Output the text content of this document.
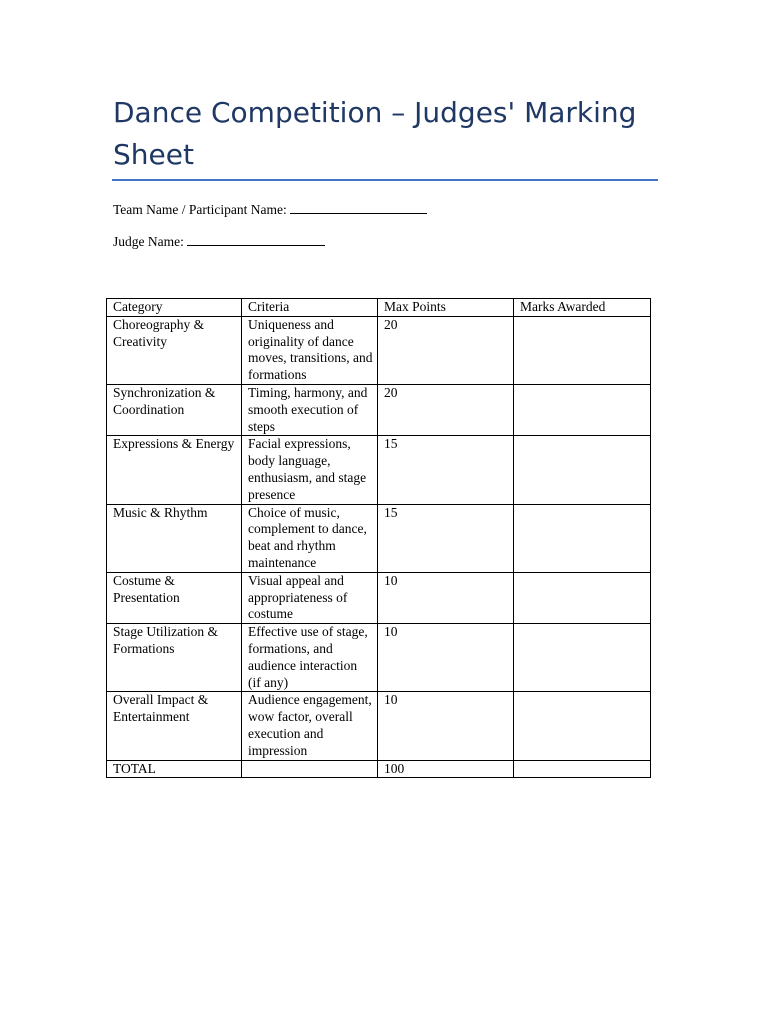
Dance Competition – Judges' Marking Sheet
Team Name / Participant Name:
Judge Name:
Category	Criteria	Max Points	Marks Awarded
Choreography & Creativity	Uniqueness and originality of dance moves, transitions, and formations	20	
Synchronization & Coordination	Timing, harmony, and smooth execution of steps	20	
Expressions & Energy	Facial expressions, body language, enthusiasm, and stage presence	15	
Music & Rhythm	Choice of music, complement to dance, beat and rhythm maintenance	15	
Costume & Presentation	Visual appeal and appropriateness of costume	10	
Stage Utilization & Formations	Effective use of stage, formations, and audience interaction (if any)	10	
Overall Impact & Entertainment	Audience engagement, wow factor, overall execution and impression	10	
TOTAL		100	
